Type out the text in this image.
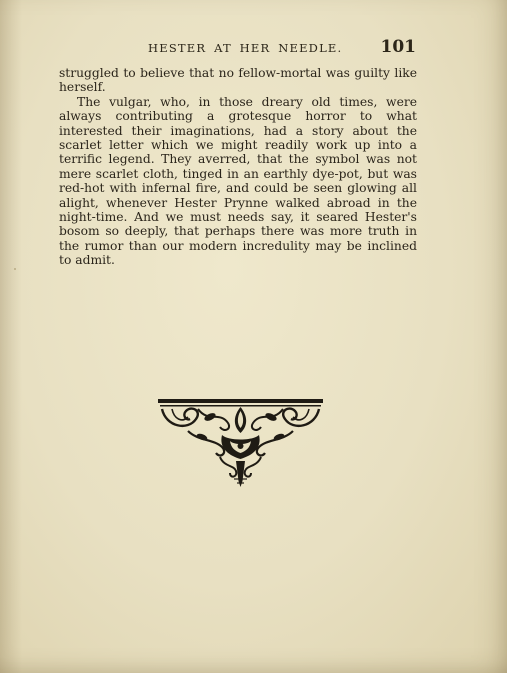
HESTER AT HER NEEDLE. 101

struggled to believe that no fellow-mortal was guilty like herself.

The vulgar, who, in those dreary old times, were always contributing a grotesque horror to what interested their imaginations, had a story about the scarlet letter which we might readily work up into a terrific legend. They averred, that the symbol was not mere scarlet cloth, tinged in an earthly dye-pot, but was red-hot with infernal fire, and could be seen glowing all alight, whenever Hester Prynne walked abroad in the night-time. And we must needs say, it seared Hester's bosom so deeply, that perhaps there was more truth in the rumor than our modern incredulity may be inclined to admit.
